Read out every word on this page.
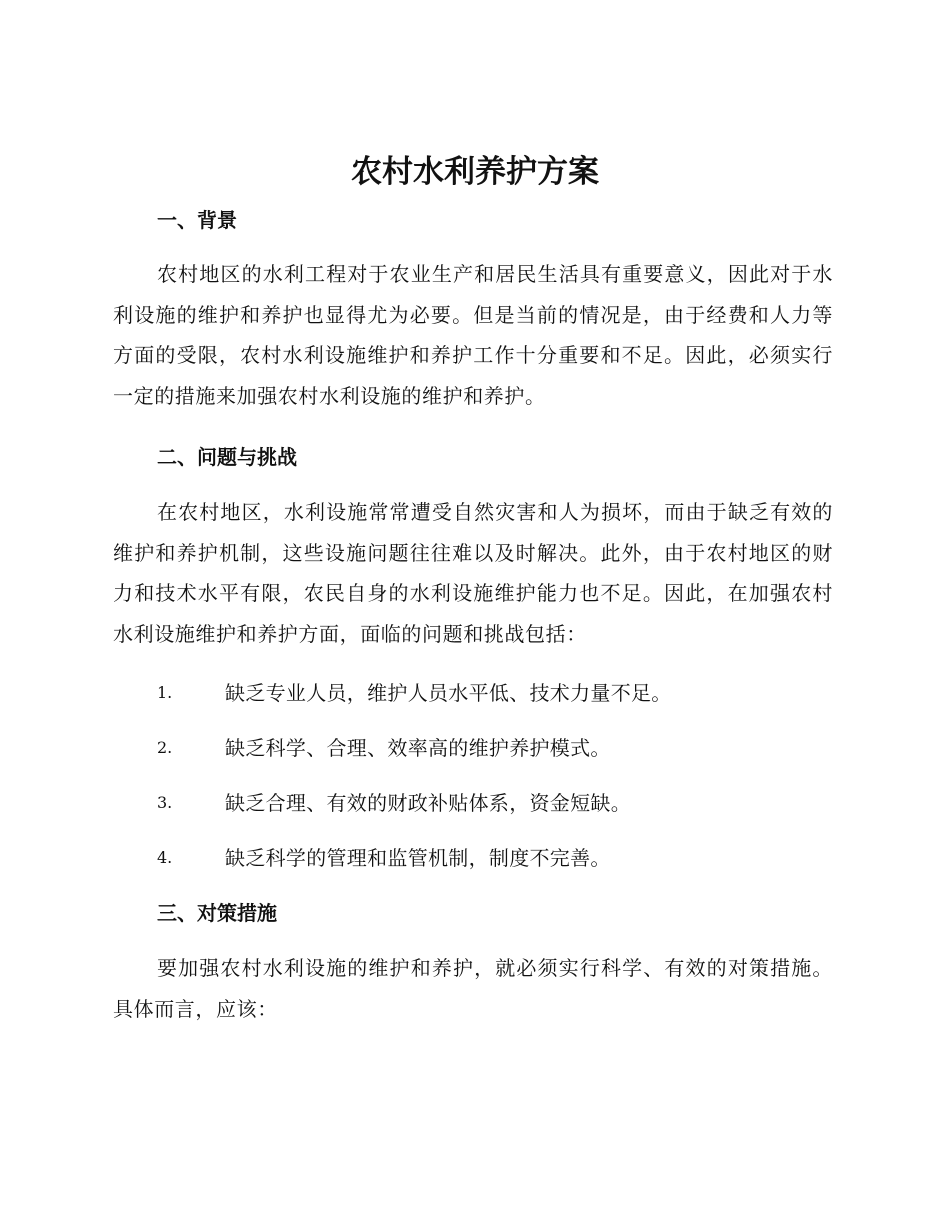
农村水利养护方案
一、背景

农村地区的水利工程对于农业生产和居民生活具有重要意义，因此对于水利设施的维护和养护也显得尤为必要。但是当前的情况是，由于经费和人力等方面的受限，农村水利设施维护和养护工作十分重要和不足。因此，必须实行一定的措施来加强农村水利设施的维护和养护。

二、问题与挑战

在农村地区，水利设施常常遭受自然灾害和人为损坏，而由于缺乏有效的维护和养护机制，这些设施问题往往难以及时解决。此外，由于农村地区的财力和技术水平有限，农民自身的水利设施维护能力也不足。因此，在加强农村水利设施维护和养护方面，面临的问题和挑战包括：

1.	缺乏专业人员，维护人员水平低、技术力量不足。
2.	缺乏科学、合理、效率高的维护养护模式。
3.	缺乏合理、有效的财政补贴体系，资金短缺。
4.	缺乏科学的管理和监管机制，制度不完善。
三、对策措施

要加强农村水利设施的维护和养护，就必须实行科学、有效的对策措施。具体而言，应该：
